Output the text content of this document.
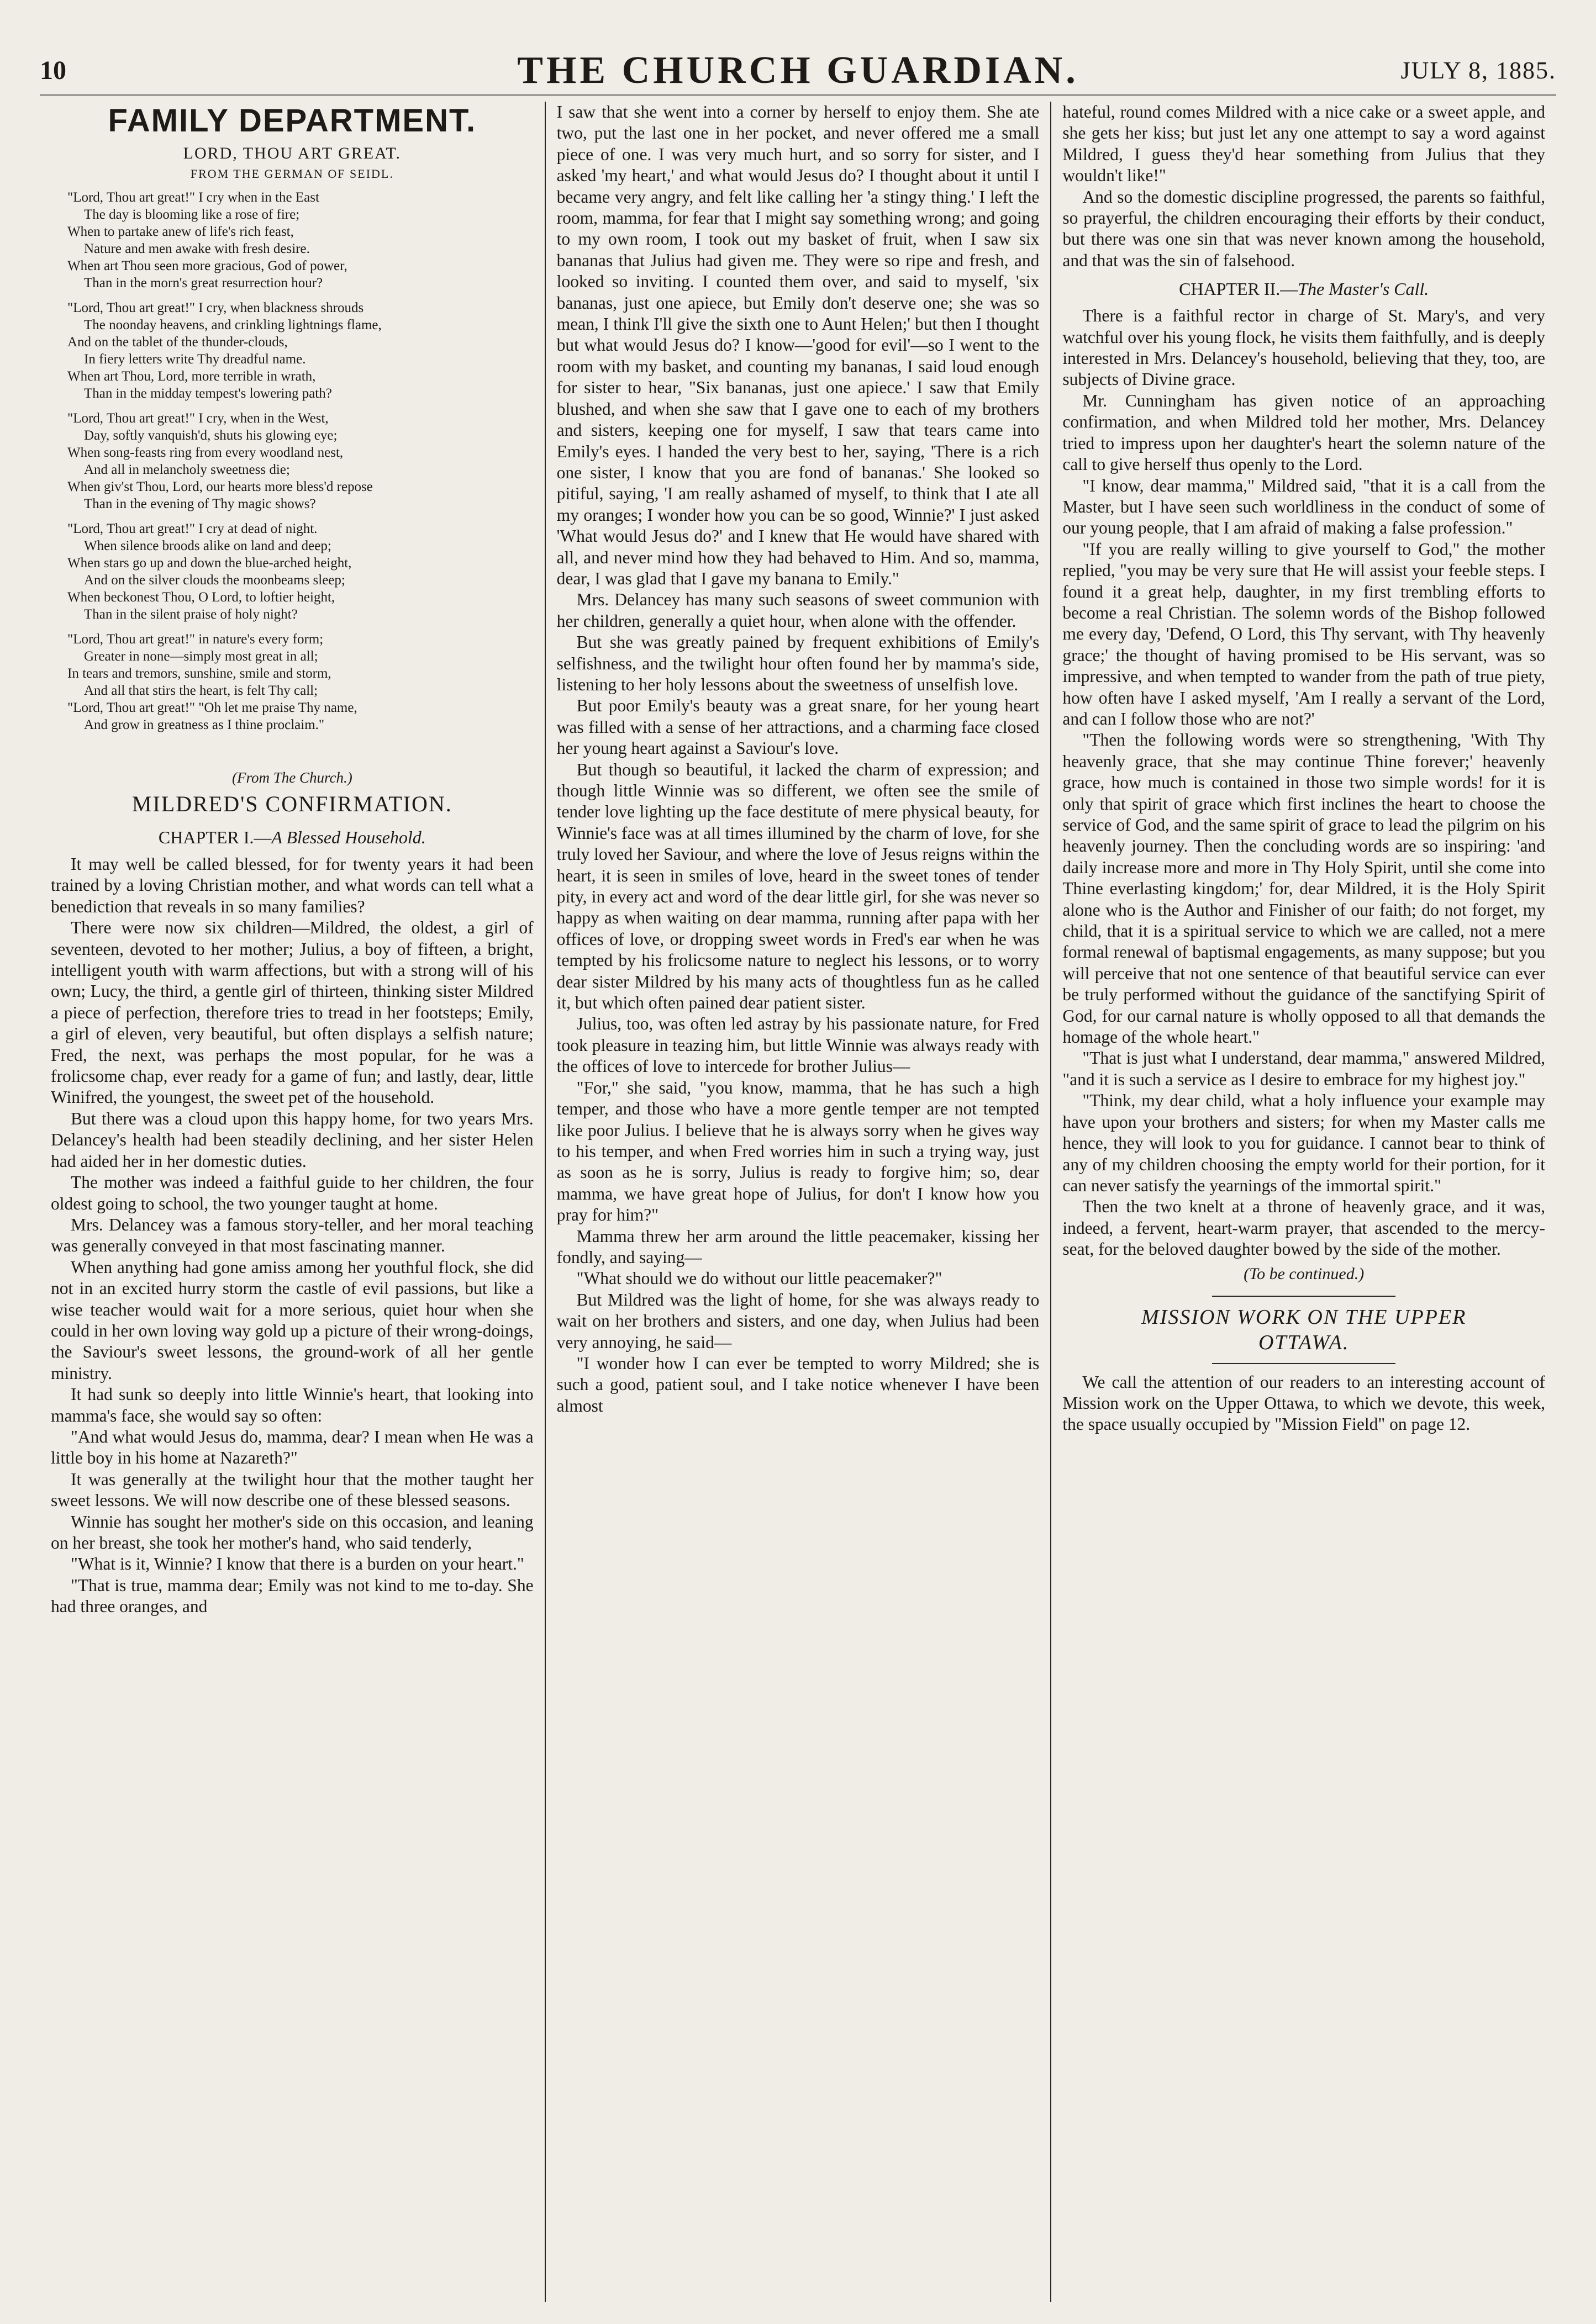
10	THE CHURCH GUARDIAN.	JULY 8, 1885.
FAMILY DEPARTMENT.
LORD, THOU ART GREAT.
FROM THE GERMAN OF SEIDL.
"Lord, Thou art great!" I cry when in the East
The day is blooming like a rose of fire;
When to partake anew of life's rich feast,
Nature and men awake with fresh desire.
When art Thou seen more gracious, God of power,
Than in the morn's great resurrection hour?
"Lord, Thou art great!" I cry, when blackness shrouds
The noonday heavens, and crinkling lightnings flame,
And on the tablet of the thunder-clouds,
In fiery letters write Thy dreadful name.
When art Thou, Lord, more terrible in wrath,
Than in the midday tempest's lowering path?
"Lord, Thou art great!" I cry, when in the West,
Day, softly vanquish'd, shuts his glowing eye;
When song-feasts ring from every woodland nest,
And all in melancholy sweetness die;
When giv'st Thou, Lord, our hearts more bless'd repose
Than in the evening of Thy magic shows?
"Lord, Thou art great!" I cry at dead of night.
When silence broods alike on land and deep;
When stars go up and down the blue-arched height,
And on the silver clouds the moonbeams sleep;
When beckonest Thou, O Lord, to loftier height,
Than in the silent praise of holy night?
"Lord, Thou art great!" in nature's every form;
Greater in none—simply most great in all;
In tears and tremors, sunshine, smile and storm,
And all that stirs the heart, is felt Thy call;
"Lord, Thou art great!" "Oh let me praise Thy name,
And grow in greatness as I thine proclaim."
(From The Church.)
MILDRED'S CONFIRMATION.
CHAPTER I.—A Blessed Household.

It may well be called blessed, for for twenty years it had been trained by a loving Christian mother, and what words can tell what a benediction that reveals in so many families?

There were now six children—Mildred, the oldest, a girl of seventeen, devoted to her mother; Julius, a boy of fifteen, a bright, intelligent youth with warm affections, but with a strong will of his own; Lucy, the third, a gentle girl of thirteen, thinking sister Mildred a piece of perfection, therefore tries to tread in her footsteps; Emily, a girl of eleven, very beautiful, but often displays a selfish nature; Fred, the next, was perhaps the most popular, for he was a frolicsome chap, ever ready for a game of fun; and lastly, dear, little Winifred, the youngest, the sweet pet of the household.

But there was a cloud upon this happy home, for two years Mrs. Delancey's health had been steadily declining, and her sister Helen had aided her in her domestic duties.

The mother was indeed a faithful guide to her children, the four oldest going to school, the two younger taught at home.

Mrs. Delancey was a famous story-teller, and her moral teaching was generally conveyed in that most fascinating manner.

When anything had gone amiss among her youthful flock, she did not in an excited hurry storm the castle of evil passions, but like a wise teacher would wait for a more serious, quiet hour when she could in her own loving way gold up a picture of their wrong-doings, the Saviour's sweet lessons, the ground-work of all her gentle ministry.

It had sunk so deeply into little Winnie's heart, that looking into mamma's face, she would say so often:

"And what would Jesus do, mamma, dear? I mean when He was a little boy in his home at Nazareth?"

It was generally at the twilight hour that the mother taught her sweet lessons. We will now describe one of these blessed seasons.

Winnie has sought her mother's side on this occasion, and leaning on her breast, she took her mother's hand, who said tenderly,

"What is it, Winnie? I know that there is a burden on your heart."

"That is true, mamma dear; Emily was not kind to me to-day. She had three oranges, and

I saw that she went into a corner by herself to enjoy them. She ate two, put the last one in her pocket, and never offered me a small piece of one. I was very much hurt, and so sorry for sister, and I asked 'my heart,' and what would Jesus do? I thought about it until I became very angry, and felt like calling her 'a stingy thing.' I left the room, mamma, for fear that I might say something wrong; and going to my own room, I took out my basket of fruit, when I saw six bananas that Julius had given me. They were so ripe and fresh, and looked so inviting. I counted them over, and said to myself, 'six bananas, just one apiece, but Emily don't deserve one; she was so mean, I think I'll give the sixth one to Aunt Helen;' but then I thought but what would Jesus do? I know—'good for evil'—so I went to the room with my basket, and counting my bananas, I said loud enough for sister to hear, "Six bananas, just one apiece.' I saw that Emily blushed, and when she saw that I gave one to each of my brothers and sisters, keeping one for myself, I saw that tears came into Emily's eyes. I handed the very best to her, saying, 'There is a rich one sister, I know that you are fond of bananas.' She looked so pitiful, saying, 'I am really ashamed of myself, to think that I ate all my oranges; I wonder how you can be so good, Winnie?' I just asked 'What would Jesus do?' and I knew that He would have shared with all, and never mind how they had behaved to Him. And so, mamma, dear, I was glad that I gave my banana to Emily."

Mrs. Delancey has many such seasons of sweet communion with her children, generally a quiet hour, when alone with the offender.

But she was greatly pained by frequent exhibitions of Emily's selfishness, and the twilight hour often found her by mamma's side, listening to her holy lessons about the sweetness of unselfish love.

But poor Emily's beauty was a great snare, for her young heart was filled with a sense of her attractions, and a charming face closed her young heart against a Saviour's love.

But though so beautiful, it lacked the charm of expression; and though little Winnie was so different, we often see the smile of tender love lighting up the face destitute of mere physical beauty, for Winnie's face was at all times illumined by the charm of love, for she truly loved her Saviour, and where the love of Jesus reigns within the heart, it is seen in smiles of love, heard in the sweet tones of tender pity, in every act and word of the dear little girl, for she was never so happy as when waiting on dear mamma, running after papa with her offices of love, or dropping sweet words in Fred's ear when he was tempted by his frolicsome nature to neglect his lessons, or to worry dear sister Mildred by his many acts of thoughtless fun as he called it, but which often pained dear patient sister.

Julius, too, was often led astray by his passionate nature, for Fred took pleasure in teazing him, but little Winnie was always ready with the offices of love to intercede for brother Julius—

"For," she said, "you know, mamma, that he has such a high temper, and those who have a more gentle temper are not tempted like poor Julius. I believe that he is always sorry when he gives way to his temper, and when Fred worries him in such a trying way, just as soon as he is sorry, Julius is ready to forgive him; so, dear mamma, we have great hope of Julius, for don't I know how you pray for him?"

Mamma threw her arm around the little peacemaker, kissing her fondly, and saying—

"What should we do without our little peacemaker?"

But Mildred was the light of home, for she was always ready to wait on her brothers and sisters, and one day, when Julius had been very annoying, he said—

"I wonder how I can ever be tempted to worry Mildred; she is such a good, patient soul, and I take notice whenever I have been almost

hateful, round comes Mildred with a nice cake or a sweet apple, and she gets her kiss; but just let any one attempt to say a word against Mildred, I guess they'd hear something from Julius that they wouldn't like!"

And so the domestic discipline progressed, the parents so faithful, so prayerful, the children encouraging their efforts by their conduct, but there was one sin that was never known among the household, and that was the sin of falsehood.

CHAPTER II.—The Master's Call.

There is a faithful rector in charge of St. Mary's, and very watchful over his young flock, he visits them faithfully, and is deeply interested in Mrs. Delancey's household, believing that they, too, are subjects of Divine grace.

Mr. Cunningham has given notice of an approaching confirmation, and when Mildred told her mother, Mrs. Delancey tried to impress upon her daughter's heart the solemn nature of the call to give herself thus openly to the Lord.

"I know, dear mamma," Mildred said, "that it is a call from the Master, but I have seen such worldliness in the conduct of some of our young people, that I am afraid of making a false profession."

"If you are really willing to give yourself to God," the mother replied, "you may be very sure that He will assist your feeble steps. I found it a great help, daughter, in my first trembling efforts to become a real Christian. The solemn words of the Bishop followed me every day, 'Defend, O Lord, this Thy servant, with Thy heavenly grace;' the thought of having promised to be His servant, was so impressive, and when tempted to wander from the path of true piety, how often have I asked myself, 'Am I really a servant of the Lord, and can I follow those who are not?'

"Then the following words were so strengthening, 'With Thy heavenly grace, that she may continue Thine forever;' heavenly grace, how much is contained in those two simple words! for it is only that spirit of grace which first inclines the heart to choose the service of God, and the same spirit of grace to lead the pilgrim on his heavenly journey. Then the concluding words are so inspiring: 'and daily increase more and more in Thy Holy Spirit, until she come into Thine everlasting kingdom;' for, dear Mildred, it is the Holy Spirit alone who is the Author and Finisher of our faith; do not forget, my child, that it is a spiritual service to which we are called, not a mere formal renewal of baptismal engagements, as many suppose; but you will perceive that not one sentence of that beautiful service can ever be truly performed without the guidance of the sanctifying Spirit of God, for our carnal nature is wholly opposed to all that demands the homage of the whole heart."

"That is just what I understand, dear mamma," answered Mildred, "and it is such a service as I desire to embrace for my highest joy."

"Think, my dear child, what a holy influence your example may have upon your brothers and sisters; for when my Master calls me hence, they will look to you for guidance. I cannot bear to think of any of my children choosing the empty world for their portion, for it can never satisfy the yearnings of the immortal spirit."

Then the two knelt at a throne of heavenly grace, and it was, indeed, a fervent, heart-warm prayer, that ascended to the mercy-seat, for the beloved daughter bowed by the side of the mother.

(To be continued.)
MISSION WORK ON THE UPPER
OTTAWA.

We call the attention of our readers to an interesting account of Mission work on the Upper Ottawa, to which we devote, this week, the space usually occupied by "Mission Field" on page 12.
